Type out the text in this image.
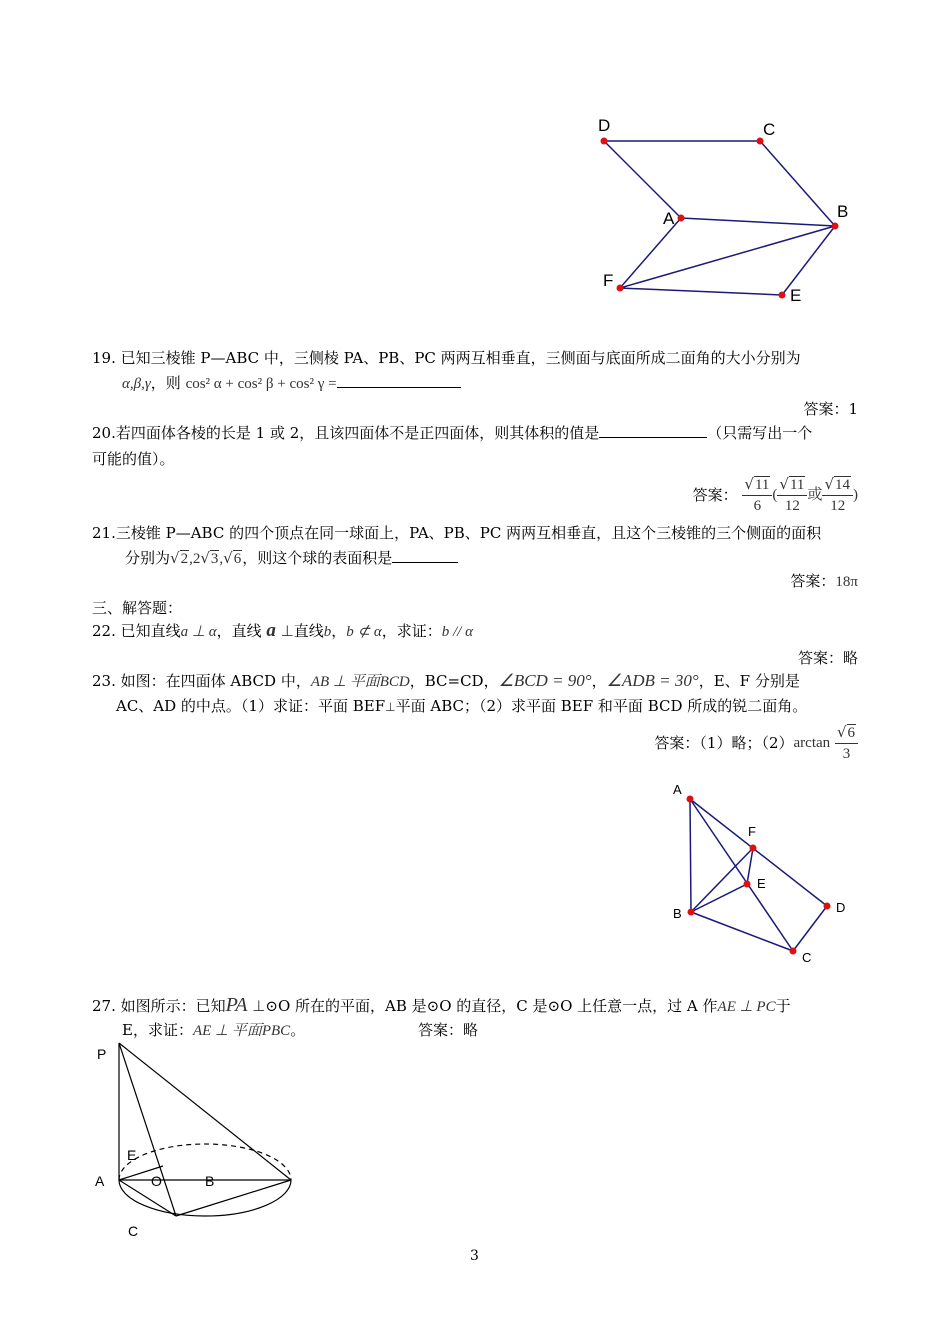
D	C
A	B
F
E
19. 已知三棱锥 P—ABC 中，三侧棱 PA、PB、PC 两两互相垂直，三侧面与底面所成二面角的大小分别为
α,β,γ，则 cos² α + cos² β + cos² γ =
答案：1
20.若四面体各棱的长是 1 或 2，且该四面体不是正四面体，则其体积的值是	（只需写出一个
可能的值）。
答案： $\frac{√11}{6}$ ( $\frac{√11}{12}$ 或 $\frac{√14}{12}$ )
21.三棱锥 P—ABC 的四个顶点在同一球面上，PA、PB、PC 两两互相垂直，且这个三棱锥的三个侧面的面积
分别为√2,2√3,√6，则这个球的表面积是
答案：18π
三、解答题：
22. 已知直线a ⊥ α，直线 a ⊥直线b，b ⊄ α，求证：b // α
答案：略
23. 如图：在四面体 ABCD 中，AB ⊥ 平面BCD，BC=CD，∠BCD = 90°，∠ADB = 30°，E、F 分别是
AC、AD 的中点。（1）求证：平面 BEF⊥平面 ABC；（2）求平面 BEF 和平面 BCD 所成的锐二面角。
答案：（1）略；$(2)\arctan \frac{√6}{3}$
A
F
E
B	D
C
27. 如图所示：已知PA ⊥⊙O 所在的平面，AB 是⊙O 的直径，C 是⊙O 上任意一点，过 A 作AE ⊥ PC于
E，求证：AE ⊥ 平面PBC。	答案：略
P
E
A	O	B
C
3
